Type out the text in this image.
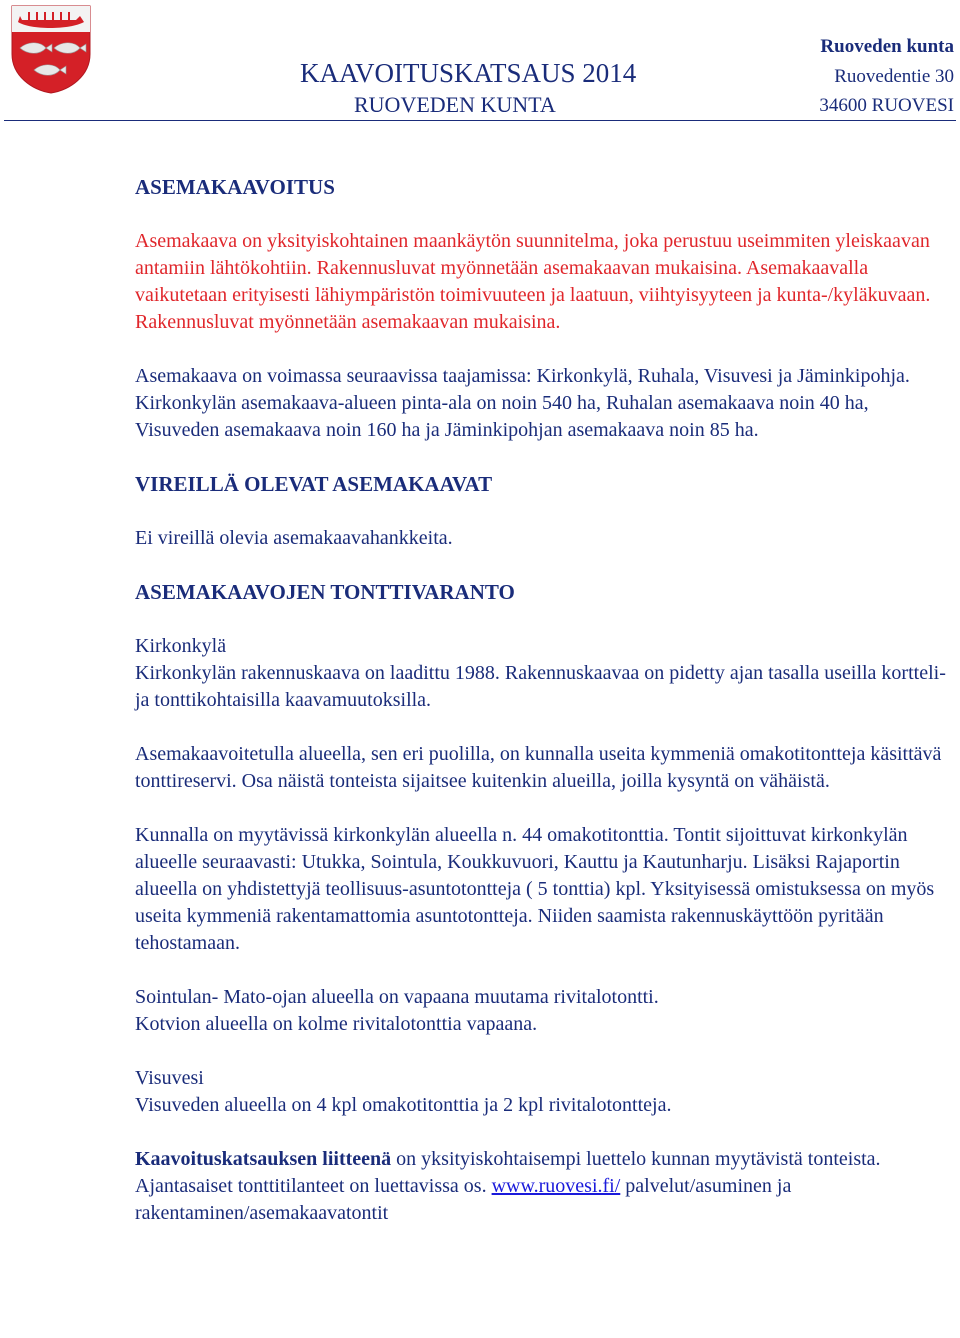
KAAVOITUSKATSAUS 2014
RUOVEDEN KUNTA
Ruoveden kunta
Ruovedentie 30
34600 RUOVESI
ASEMAKAAVOITUS

Asemakaava on yksityiskohtainen maankäytön suunnitelma, joka perustuu useimmiten yleiskaavan antamiin lähtökohtiin. Rakennusluvat myönnetään asemakaavan mukaisina. Asemakaavalla vaikutetaan erityisesti lähiympäristön toimivuuteen ja laatuun, viihtyisyyteen ja kunta-/kyläkuvaan. Rakennusluvat myönnetään asemakaavan mukaisina.

Asemakaava on voimassa seuraavissa taajamissa: Kirkonkylä, Ruhala, Visuvesi ja Jäminkipohja. Kirkonkylän asemakaava-alueen pinta-ala on noin 540 ha, Ruhalan asemakaava noin 40 ha, Visuveden asemakaava noin 160 ha ja Jäminkipohjan asemakaava noin 85 ha.

VIREILLÄ OLEVAT ASEMAKAAVAT

Ei vireillä olevia asemakaavahankkeita.

ASEMAKAAVOJEN TONTTIVARANTO

Kirkonkylä

Kirkonkylän rakennuskaava on laadittu 1988. Rakennuskaavaa on pidetty ajan tasalla useilla kortteli- ja tonttikohtaisilla kaavamuutoksilla.

Asemakaavoitetulla alueella, sen eri puolilla, on kunnalla useita kymmeniä omakotitontteja käsittävä tonttireservi. Osa näistä tonteista sijaitsee kuitenkin alueilla, joilla kysyntä on vähäistä.

Kunnalla on myytävissä kirkonkylän alueella n. 44 omakotitonttia. Tontit sijoittuvat kirkonkylän alueelle seuraavasti: Utukka, Sointula, Koukkuvuori, Kauttu ja Kautunharju. Lisäksi Rajaportin alueella on yhdistettyjä teollisuus-asuntotontteja ( 5 tonttia) kpl. Yksityisessä omistuksessa on myös useita kymmeniä rakentamattomia asuntotontteja. Niiden saamista rakennuskäyttöön pyritään tehostamaan.

Sointulan- Mato-ojan alueella on vapaana muutama rivitalotontti.

Kotvion alueella on kolme rivitalotonttia vapaana.

Visuvesi

Visuveden alueella on 4 kpl omakotitonttia ja 2 kpl rivitalotontteja.

Kaavoituskatsauksen liitteenä on yksityiskohtaisempi luettelo kunnan myytävistä tonteista.

Ajantasaiset tonttitilanteet on luettavissa os. www.ruovesi.fi/ palvelut/asuminen ja rakentaminen/asemakaavatontit
